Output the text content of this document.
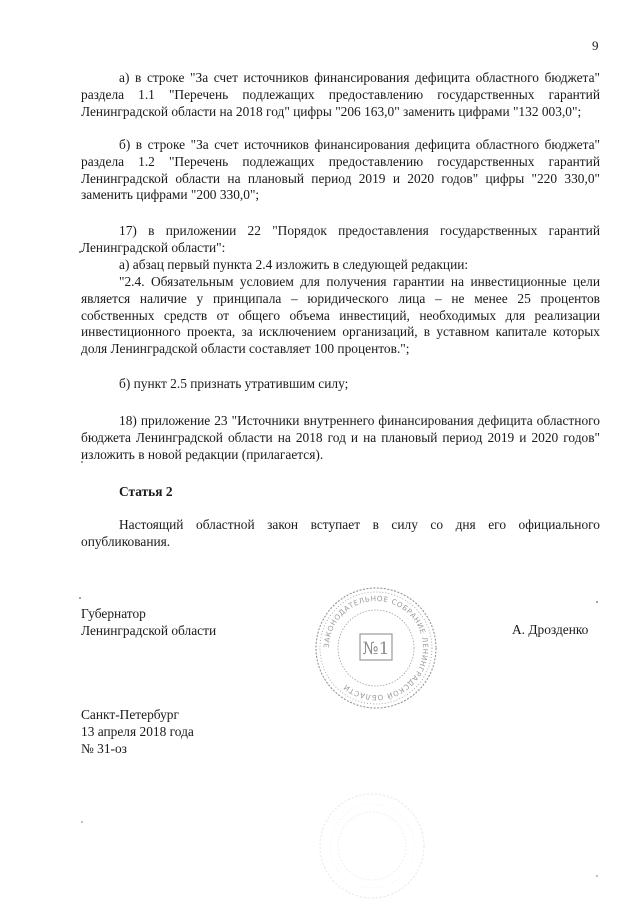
9

а) в строке "За счет источников финансирования дефицита областного бюджета" раздела 1.1 "Перечень подлежащих предоставлению государственных гарантий Ленинградской области на 2018 год" цифры "206 163,0" заменить цифрами "132 003,0";

б) в строке "За счет источников финансирования дефицита областного бюджета" раздела 1.2 "Перечень подлежащих предоставлению государственных гарантий Ленинградской области на плановый период 2019 и 2020 годов" цифры "220 330,0" заменить цифрами "200 330,0";

17) в приложении 22 "Порядок предоставления государственных гарантий Ленинградской области":

а) абзац первый пункта 2.4 изложить в следующей редакции:

"2.4. Обязательным условием для получения гарантии на инвестиционные цели является наличие у принципала – юридического лица – не менее 25 процентов собственных средств от общего объема инвестиций, необходимых для реализации инвестиционного проекта, за исключением организаций, в уставном капитале которых доля Ленинградской области составляет 100 процентов.";

б) пункт 2.5 признать утратившим силу;

18) приложение 23 "Источники внутреннего финансирования дефицита областного бюджета Ленинградской области на 2018 год и на плановый период 2019 и 2020 годов" изложить в новой редакции (прилагается).

Статья 2

Настоящий областной закон вступает в силу со дня его официального опубликования.

Губернатор
Ленинградской области	А. Дрозденко
Санкт-Петербург
13 апреля 2018 года
№ 31-оз
ЗАКОНОДАТЕЛЬНОЕ СОБРАНИЕ ЛЕНИНГРАДСКОЙ ОБЛАСТИ
№1
